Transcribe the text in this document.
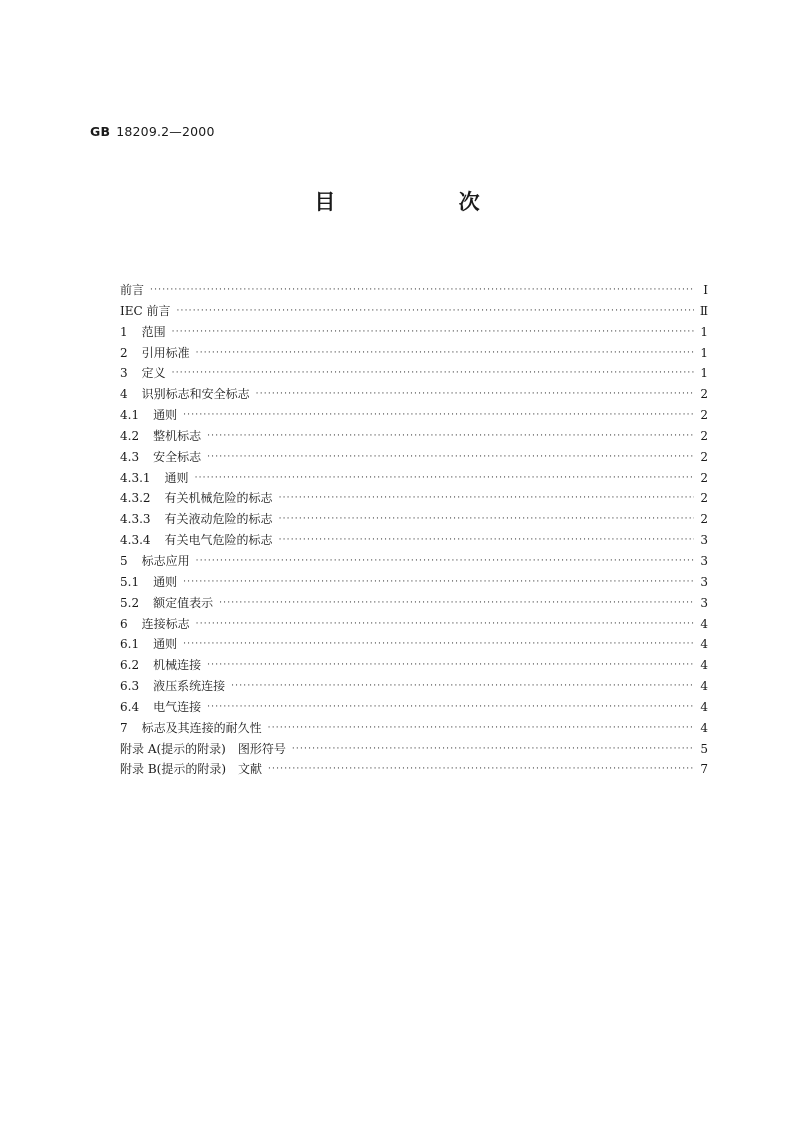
GB 18209.2—2000
目 次
前言 ·····	I
IEC 前言 ·····	Ⅱ
1 范围 ·····	1
2 引用标准 ·····	1
3 定义 ·····	1
4 识别标志和安全标志 ·····	2
4.1 通则 ·····	2
4.2 整机标志 ·····	2
4.3 安全标志 ·····	2
4.3.1 通则 ·····	2
4.3.2 有关机械危险的标志 ·····	2
4.3.3 有关液动危险的标志 ·····	2
4.3.4 有关电气危险的标志 ·····	3
5 标志应用 ·····	3
5.1 通则 ·····	3
5.2 额定值表示 ·····	3
6 连接标志 ·····	4
6.1 通则 ·····	4
6.2 机械连接 ·····	4
6.3 液压系统连接 ·····	4
6.4 电气连接 ·····	4
7 标志及其连接的耐久性 ·····	4
附录 A(提示的附录)　图形符号 ·····	5
附录 B(提示的附录)　文献 ·····	7
